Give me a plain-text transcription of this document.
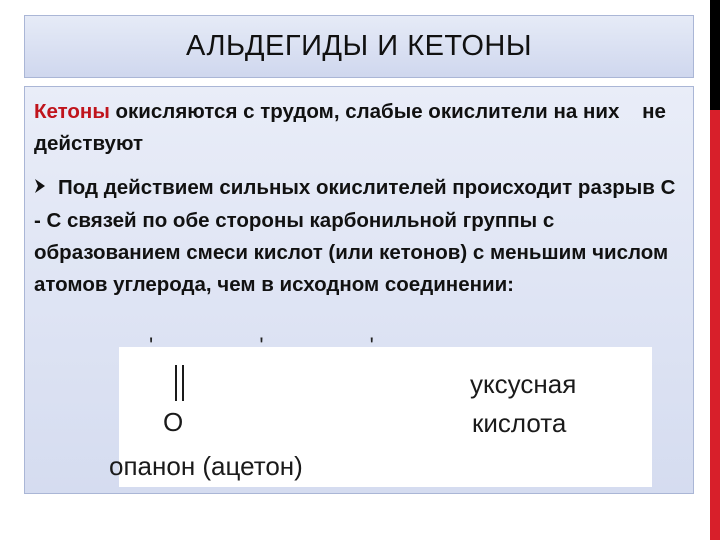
АЛЬДЕГИДЫ И КЕТОНЫ

Кетоны окисляются с трудом, слабые окислители на них    не действуют

Под действием сильных окислителей происходит разрыв С - С связей по обе стороны карбонильной группы с образованием смеси кислот (или кетонов) с меньшим числом атомов углерода, чем в исходном соединении:

' ' '
O
опанон (ацетон)
уксусная
кислота
